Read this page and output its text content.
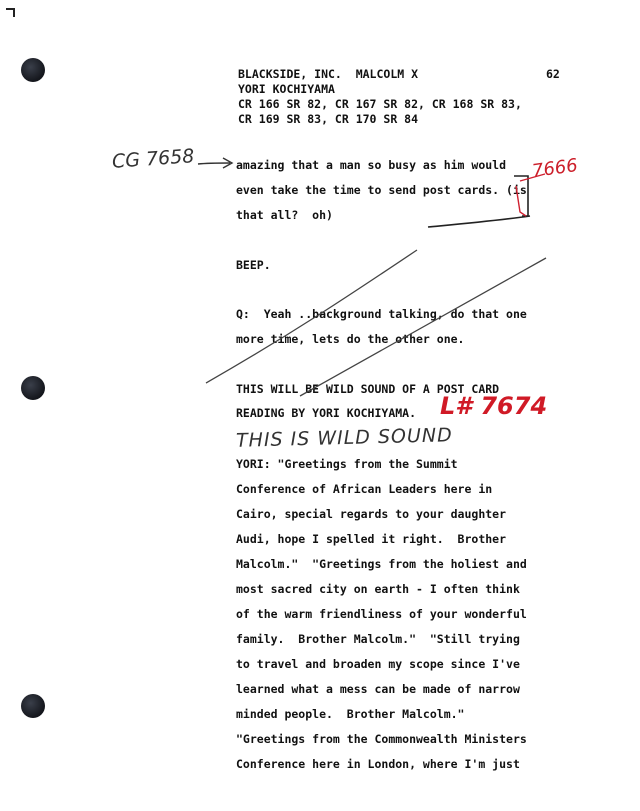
BLACKSIDE, INC.  MALCOLM X
YORI KOCHIYAMA
CR 166 SR 82, CR 167 SR 82, CR 168 SR 83,
CR 169 SR 83, CR 170 SR 84
62
amazing that a man so busy as him would
even take the time to send post cards. (is
that all?  oh)
BEEP.
Q:  Yeah ..background talking, do that one
more time, lets do the other one.
THIS WILL BE WILD SOUND OF A POST CARD
READING BY YORI KOCHIYAMA.
YORI: "Greetings from the Summit
Conference of African Leaders here in
Cairo, special regards to your daughter
Audi, hope I spelled it right.  Brother
Malcolm."  "Greetings from the holiest and
most sacred city on earth - I often think
of the warm friendliness of your wonderful
family.  Brother Malcolm."  "Still trying
to travel and broaden my scope since I've
learned what a mess can be made of narrow
minded people.  Brother Malcolm."
"Greetings from the Commonwealth Ministers
Conference here in London, where I'm just
CG 7658	7666
L# 7674
THIS IS WILD SOUND
